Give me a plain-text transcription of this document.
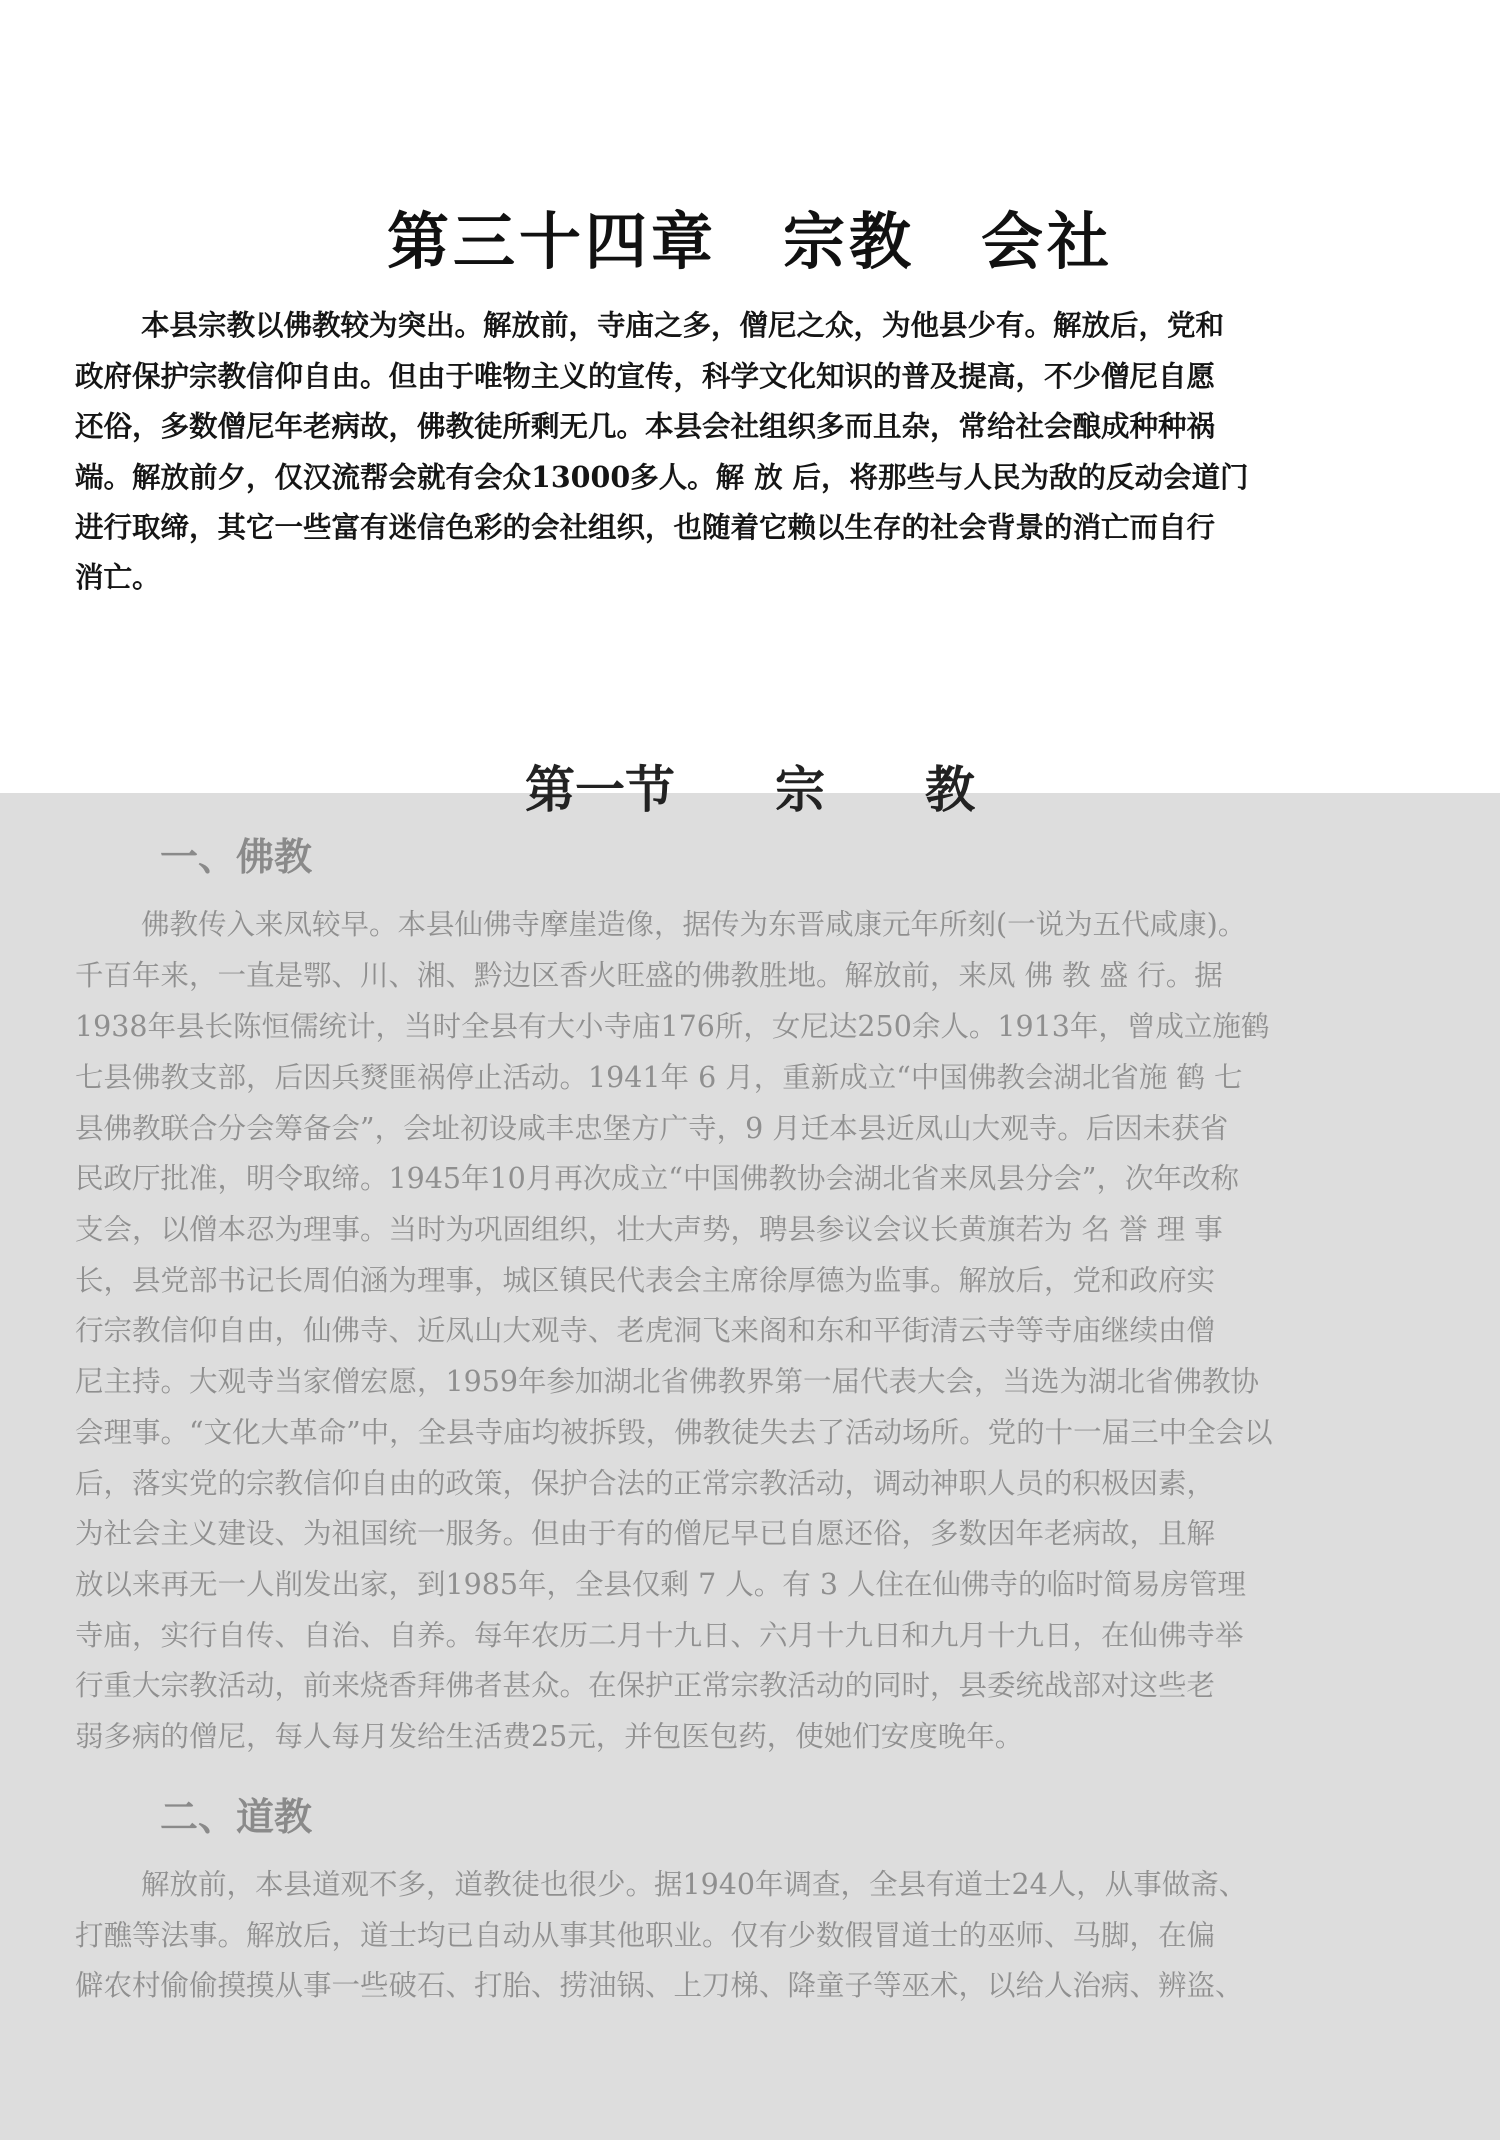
第三十四章　宗教　会社

本县宗教以佛教较为突出。解放前，寺庙之多，僧尼之众，为他县少有。解放后，党和

政府保护宗教信仰自由。但由于唯物主义的宣传，科学文化知识的普及提高，不少僧尼自愿

还俗，多数僧尼年老病故，佛教徒所剩无几。本县会社组织多而且杂，常给社会酿成种种祸

端。解放前夕，仅汉流帮会就有会众13000多人。解 放 后，将那些与人民为敌的反动会道门

进行取缔，其它一些富有迷信色彩的会社组织，也随着它赖以生存的社会背景的消亡而自行

消亡。

第一节　　宗　　教
一、佛教

佛教传入来凤较早。本县仙佛寺摩崖造像，据传为东晋咸康元年所刻(一说为五代咸康)。

千百年来，一直是鄂、川、湘、黔边区香火旺盛的佛教胜地。解放前，来凤 佛 教 盛 行。据

1938年县长陈恒儒统计，当时全县有大小寺庙176所，女尼达250余人。1913年，曾成立施鹤

七县佛教支部，后因兵燹匪祸停止活动。1941年 6 月，重新成立“中国佛教会湖北省施 鹤 七

县佛教联合分会筹备会”，会址初设咸丰忠堡方广寺，9 月迁本县近凤山大观寺。后因未获省

民政厅批准，明令取缔。1945年10月再次成立“中国佛教协会湖北省来凤县分会”，次年改称

支会，以僧本忍为理事。当时为巩固组织，壮大声势，聘县参议会议长黄旗若为 名 誉 理 事

长，县党部书记长周伯涵为理事，城区镇民代表会主席徐厚德为监事。解放后，党和政府实

行宗教信仰自由，仙佛寺、近凤山大观寺、老虎洞飞来阁和东和平街清云寺等寺庙继续由僧

尼主持。大观寺当家僧宏愿，1959年参加湖北省佛教界第一届代表大会，当选为湖北省佛教协

会理事。“文化大革命”中，全县寺庙均被拆毁，佛教徒失去了活动场所。党的十一届三中全会以

后，落实党的宗教信仰自由的政策，保护合法的正常宗教活动，调动神职人员的积极因素，

为社会主义建设、为祖国统一服务。但由于有的僧尼早已自愿还俗，多数因年老病故，且解

放以来再无一人削发出家，到1985年，全县仅剩 7 人。有 3 人住在仙佛寺的临时简易房管理

寺庙，实行自传、自治、自养。每年农历二月十九日、六月十九日和九月十九日，在仙佛寺举

行重大宗教活动，前来烧香拜佛者甚众。在保护正常宗教活动的同时，县委统战部对这些老

弱多病的僧尼，每人每月发给生活费25元，并包医包药，使她们安度晚年。

二、道教

解放前，本县道观不多，道教徒也很少。据1940年调查，全县有道士24人，从事做斋、

打醮等法事。解放后，道士均已自动从事其他职业。仅有少数假冒道士的巫师、马脚，在偏

僻农村偷偷摸摸从事一些破石、打胎、捞油锅、上刀梯、降童子等巫术，以给人治病、辨盗、
